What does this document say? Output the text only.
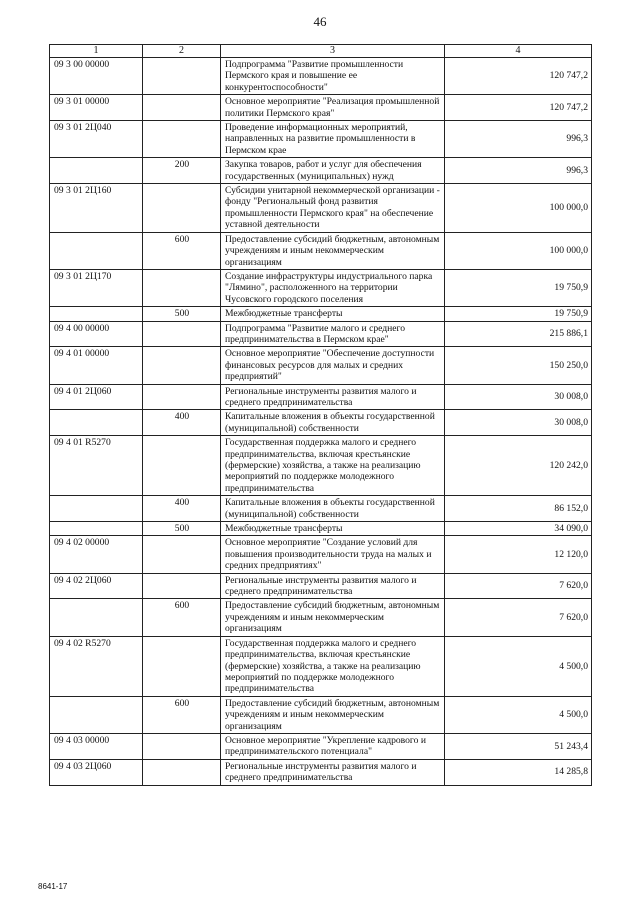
46
1	2	3	4
09 3 00 00000		Подпрограмма "Развитие промышленности Пермского края и повышение ее конкурентоспособности"	120 747,2
09 3 01 00000		Основное мероприятие "Реализация промышленной политики Пермского края"	120 747,2
09 3 01 2Ц040		Проведение информационных мероприятий, направленных на развитие промышленности в Пермском крае	996,3
	200	Закупка товаров, работ и услуг для обеспечения государственных (муниципальных) нужд	996,3
09 3 01 2Ц160		Субсидии унитарной некоммерческой организации - фонду "Региональный фонд развития промышленности Пермского края" на обеспечение уставной деятельности	100 000,0
	600	Предоставление субсидий бюджетным, автономным учреждениям и иным некоммерческим организациям	100 000,0
09 3 01 2Ц170		Создание инфраструктуры индустриального парка "Лямино", расположенного на территории Чусовского городского поселения	19 750,9
	500	Межбюджетные трансферты	19 750,9
09 4 00 00000		Подпрограмма "Развитие малого и среднего предпринимательства в Пермском крае"	215 886,1
09 4 01 00000		Основное мероприятие "Обеспечение доступности финансовых ресурсов для малых и средних предприятий"	150 250,0
09 4 01 2Ц060		Региональные инструменты развития малого и среднего предпринимательства	30 008,0
	400	Капитальные вложения в объекты государственной (муниципальной) собственности	30 008,0
09 4 01 R5270		Государственная поддержка малого и среднего предпринимательства, включая крестьянские (фермерские) хозяйства, а также на реализацию мероприятий по поддержке молодежного предпринимательства	120 242,0
	400	Капитальные вложения в объекты государственной (муниципальной) собственности	86 152,0
	500	Межбюджетные трансферты	34 090,0
09 4 02 00000		Основное мероприятие "Создание условий для повышения производительности труда на малых и средних предприятиях"	12 120,0
09 4 02 2Ц060		Региональные инструменты развития малого и среднего предпринимательства	7 620,0
	600	Предоставление субсидий бюджетным, автономным учреждениям и иным некоммерческим организациям	7 620,0
09 4 02 R5270		Государственная поддержка малого и среднего предпринимательства, включая крестьянские (фермерские) хозяйства, а также на реализацию мероприятий по поддержке молодежного предпринимательства	4 500,0
	600	Предоставление субсидий бюджетным, автономным учреждениям и иным некоммерческим организациям	4 500,0
09 4 03 00000		Основное мероприятие "Укрепление кадрового и предпринимательского потенциала"	51 243,4
09 4 03 2Ц060		Региональные инструменты развития малого и среднего предпринимательства	14 285,8
8641-17
